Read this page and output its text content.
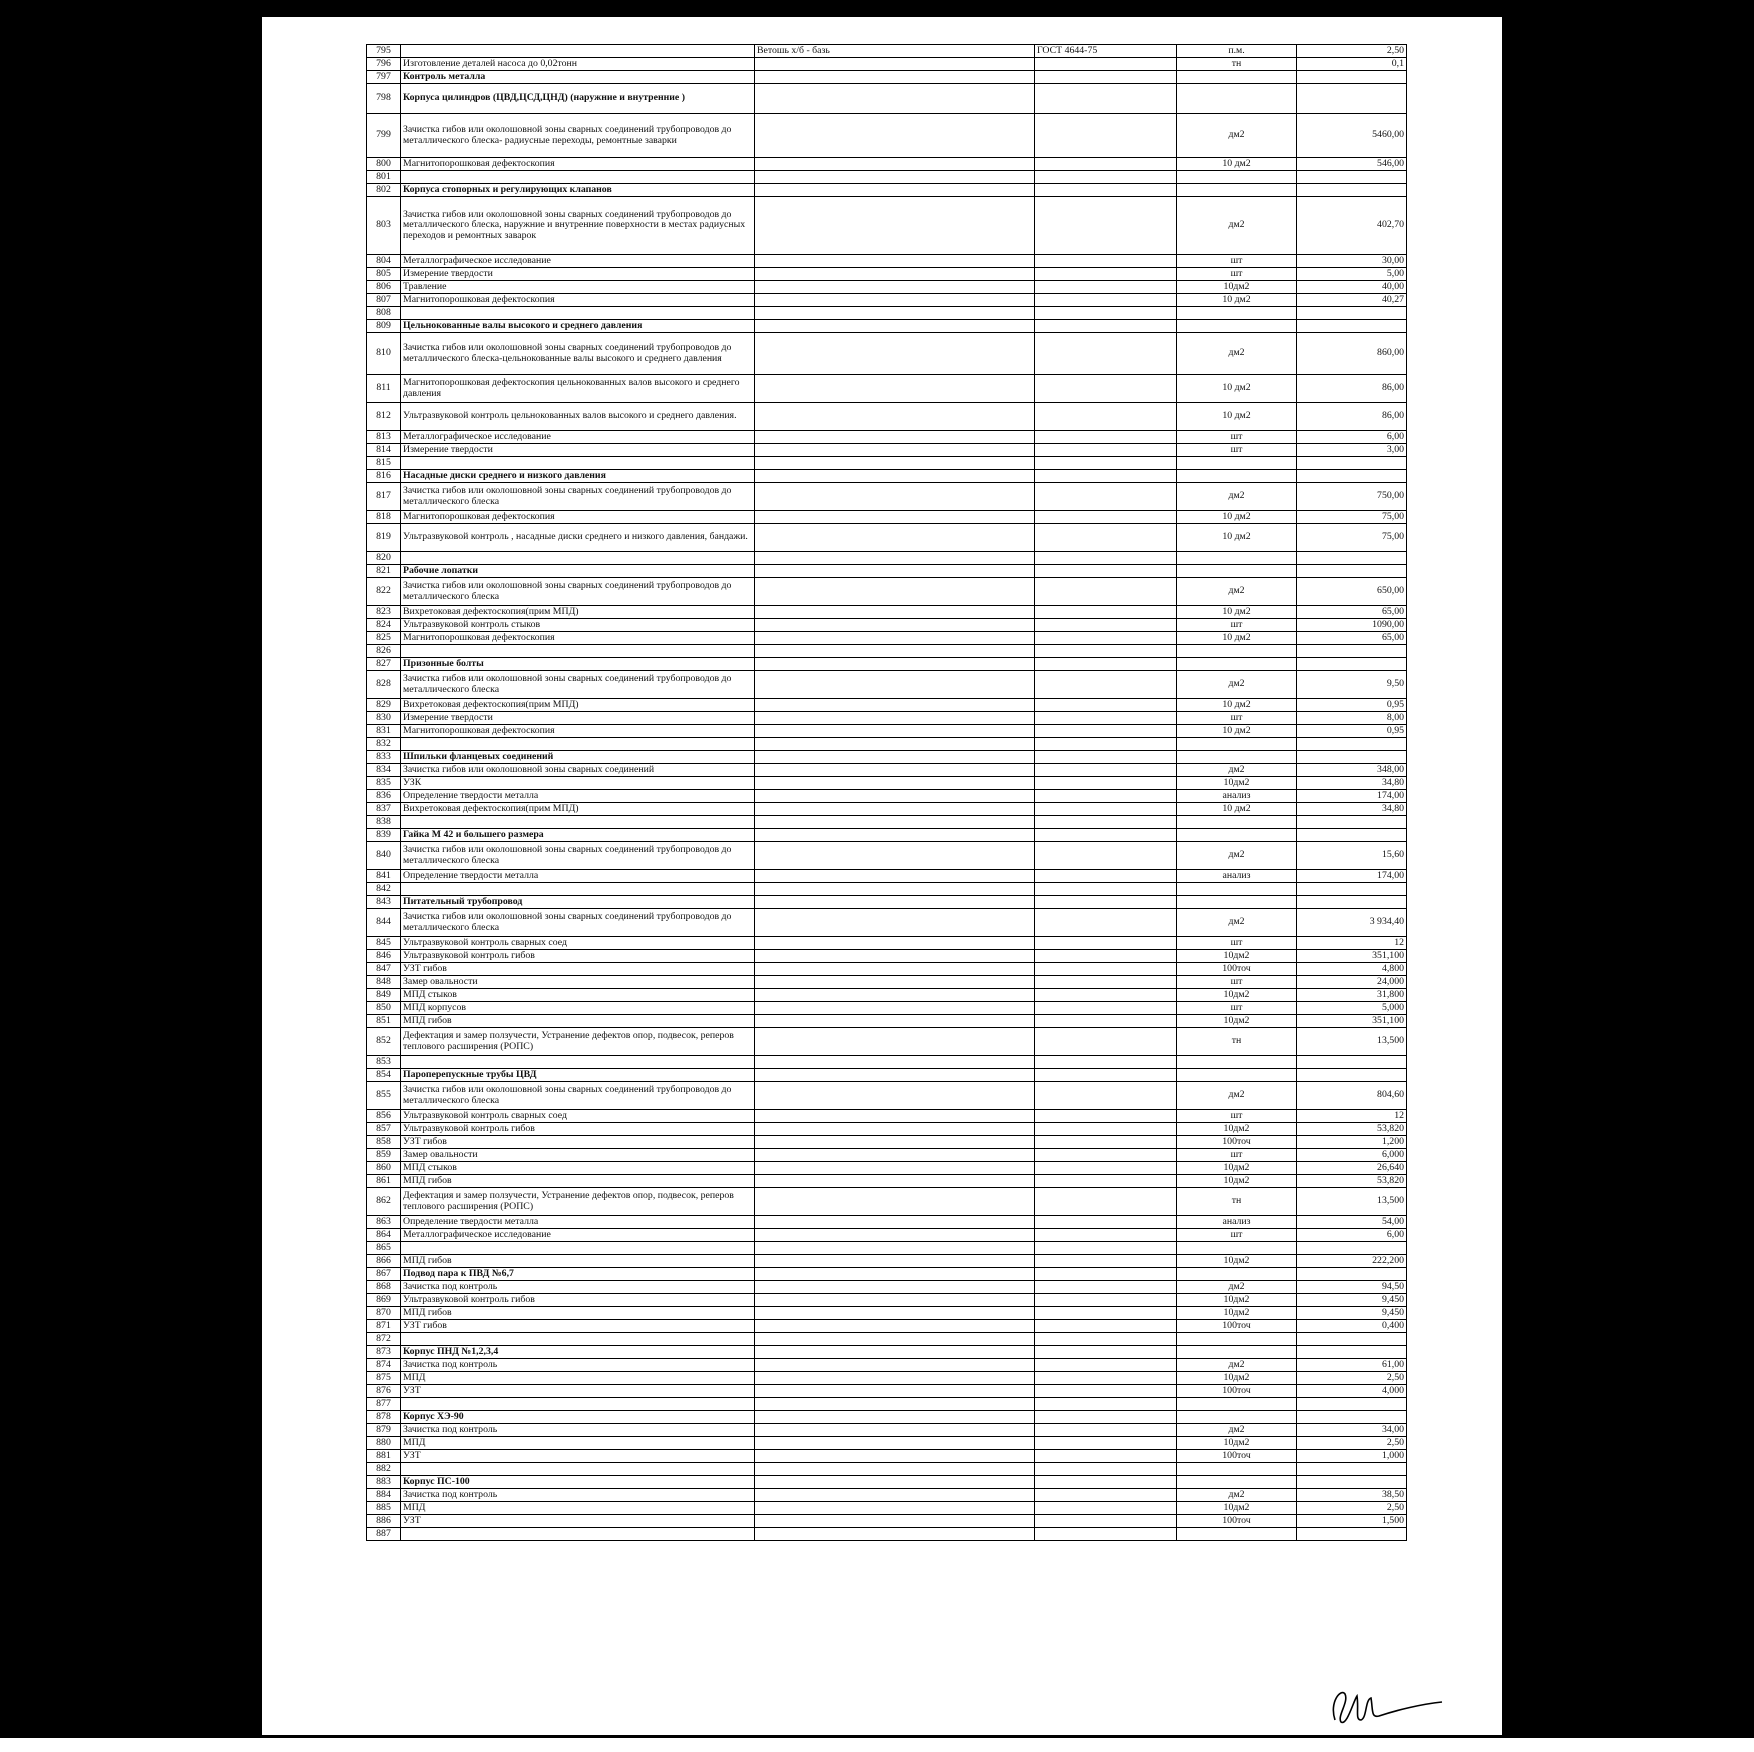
795		Ветошь х/б - базь	ГОСТ 4644-75	п.м.	2,50
796	Изготовление деталей насоса до 0,02тонн			тн	0,1
797	Контроль металла				
798	Корпуса цилиндров (ЦВД,ЦСД,ЦНД) (наружние и внутренние )				
799	Зачистка гибов или околошовной зоны сварных соединений трубопроводов до металлического блеска- радиусные переходы, ремонтные заварки			дм2	5460,00
800	Магнитопорошковая дефектоскопия			10 дм2	546,00
801					
802	Корпуса стопорных и регулирующих клапанов				
803	Зачистка гибов или околошовной зоны сварных соединений трубопроводов до металлического блеска, наружние и внутренние поверхности в местах радиусных переходов и ремонтных заварок			дм2	402,70
804	Металлографическое исследование			шт	30,00
805	Измерение твердости			шт	5,00
806	Травление			10дм2	40,00
807	Магнитопорошковая дефектоскопия			10 дм2	40,27
808					
809	Цельнокованные валы высокого и среднего давления				
810	Зачистка гибов или околошовной зоны сварных соединений трубопроводов до металлического блеска-цельнокованные валы высокого и среднего давления			дм2	860,00
811	Магнитопорошковая дефектоскопия цельнокованных валов высокого и среднего давления			10 дм2	86,00
812	Ультразвуковой контроль цельнокованных валов высокого и среднего давления.			10 дм2	86,00
813	Металлографическое исследование			шт	6,00
814	Измерение твердости			шт	3,00
815					
816	Насадные диски среднего и низкого давления				
817	Зачистка гибов или околошовной зоны сварных соединений трубопроводов до металлического блеска			дм2	750,00
818	Магнитопорошковая дефектоскопия			10 дм2	75,00
819	Ультразвуковой контроль , насадные диски среднего и низкого давления, бандажи.			10 дм2	75,00
820					
821	Рабочие лопатки				
822	Зачистка гибов или околошовной зоны сварных соединений трубопроводов до металлического блеска			дм2	650,00
823	Вихретоковая дефектоскопия(прим МПД)			10 дм2	65,00
824	Ультразвуковой контроль стыков			шт	1090,00
825	Магнитопорошковая дефектоскопия			10 дм2	65,00
826					
827	Призонные болты				
828	Зачистка гибов или околошовной зоны сварных соединений трубопроводов до металлического блеска			дм2	9,50
829	Вихретоковая дефектоскопия(прим МПД)			10 дм2	0,95
830	Измерение твердости			шт	8,00
831	Магнитопорошковая дефектоскопия			10 дм2	0,95
832					
833	Шпильки фланцевых соединений				
834	Зачистка гибов или околошовной зоны сварных соединений			дм2	348,00
835	УЗК			10дм2	34,80
836	Определение твердости металла			анализ	174,00
837	Вихретоковая дефектоскопия(прим МПД)			10 дм2	34,80
838					
839	Гайка М 42 и большего размера				
840	Зачистка гибов или околошовной зоны сварных соединений трубопроводов до металлического блеска			дм2	15,60
841	Определение твердости металла			анализ	174,00
842					
843	Питательный трубопровод				
844	Зачистка гибов или околошовной зоны сварных соединений трубопроводов до металлического блеска			дм2	3 934,40
845	Ультразвуковой контроль сварных соед			шт	12
846	Ультразвуковой контроль гибов			10дм2	351,100
847	УЗТ гибов			100точ	4,800
848	Замер овальности			шт	24,000
849	МПД стыков			10дм2	31,800
850	МПД корпусов			шт	5,000
851	МПД гибов			10дм2	351,100
852	Дефектация и замер ползучести, Устранение дефектов опор, подвесок, реперов теплового расширения (РОПС)			тн	13,500
853					
854	Пароперепускные трубы ЦВД				
855	Зачистка гибов или околошовной зоны сварных соединений трубопроводов до металлического блеска			дм2	804,60
856	Ультразвуковой контроль сварных соед			шт	12
857	Ультразвуковой контроль гибов			10дм2	53,820
858	УЗТ гибов			100точ	1,200
859	Замер овальности			шт	6,000
860	МПД стыков			10дм2	26,640
861	МПД гибов			10дм2	53,820
862	Дефектация и замер ползучести, Устранение дефектов опор, подвесок, реперов теплового расширения (РОПС)			тн	13,500
863	Определение твердости металла			анализ	54,00
864	Металлографическое исследование			шт	6,00
865					
866	МПД гибов			10дм2	222,200
867	Подвод пара к ПВД №6,7				
868	Зачистка под контроль			дм2	94,50
869	Ультразвуковой контроль гибов			10дм2	9,450
870	МПД гибов			10дм2	9,450
871	УЗТ гибов			100точ	0,400
872					
873	Корпус ПНД №1,2,3,4				
874	Зачистка под контроль			дм2	61,00
875	МПД			10дм2	2,50
876	УЗТ			100точ	4,000
877					
878	Корпус ХЭ-90				
879	Зачистка под контроль			дм2	34,00
880	МПД			10дм2	2,50
881	УЗТ			100точ	1,000
882					
883	Корпус ПС-100				
884	Зачистка под контроль			дм2	38,50
885	МПД			10дм2	2,50
886	УЗТ			100точ	1,500
887					
